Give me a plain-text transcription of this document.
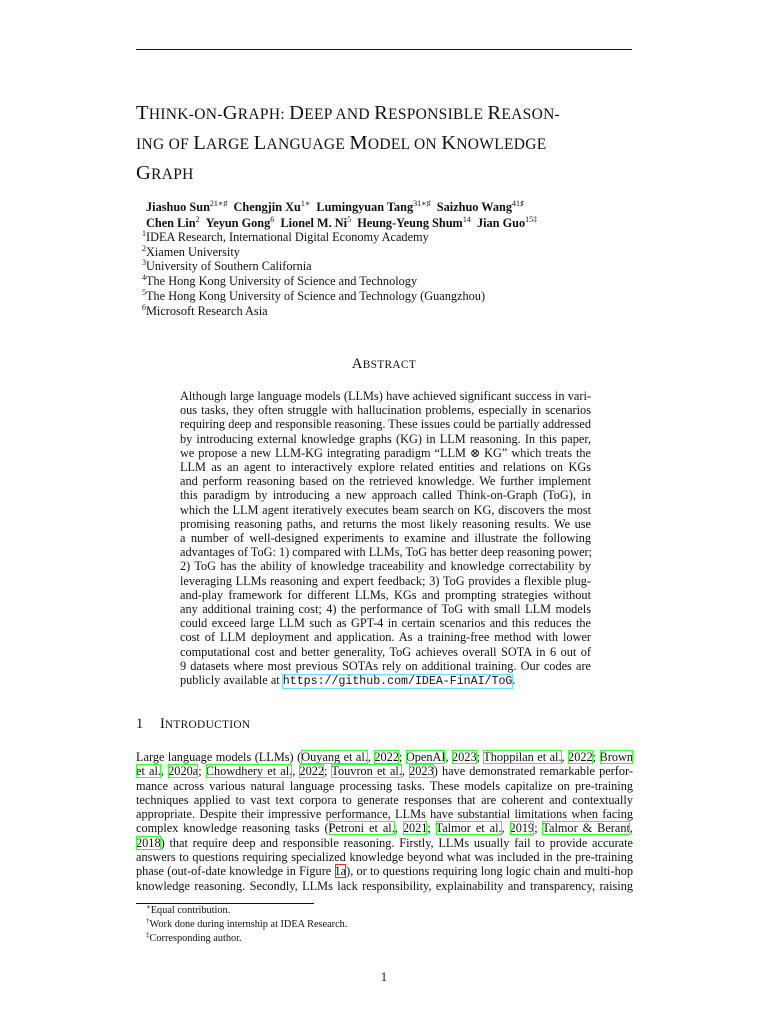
THINK-ON-GRAPH: DEEP AND RESPONSIBLE REASON-
ING OF LARGE LANGUAGE MODEL ON KNOWLEDGE
GRAPH
Jiashuo Sun$^{21∗♯}$ Chengjin $Xu^{1∗}$ Lumingyuan Tang$^{31∗♯}$ Saizhuo Wang$^{41♯}$
Chen Lin$^2$ Yeyun Gong$^6$ Lionel M. Ni$^5$ Heung-Yeung Shum$^{14}$ Jian Guo$^{15\ddagger}$
$^1$IDEA Research, International Digital Economy Academy
$^2$Xiamen University
$^3$University of Southern California
$^4$The Hong Kong University of Science and Technology
$^5$The Hong Kong University of Science and Technology (Guangzhou)
$^6$Microsoft Research Asia
ABSTRACT
Although large language models (LLMs) have achieved significant success in vari-
ous tasks, they often struggle with hallucination problems, especially in scenarios
requiring deep and responsible reasoning. These issues could be partially addressed
by introducing external knowledge graphs (KG) in LLM reasoning. In this paper,
we propose a new LLM-KG integrating paradigm “LLM ⊗ KG” which treats the
LLM as an agent to interactively explore related entities and relations on KGs
and perform reasoning based on the retrieved knowledge. We further implement
this paradigm by introducing a new approach called Think-on-Graph (ToG), in
which the LLM agent iteratively executes beam search on KG, discovers the most
promising reasoning paths, and returns the most likely reasoning results. We use
a number of well-designed experiments to examine and illustrate the following
advantages of ToG: 1) compared with LLMs, ToG has better deep reasoning power;
2) ToG has the ability of knowledge traceability and knowledge correctability by
leveraging LLMs reasoning and expert feedback; 3) ToG provides a flexible plug-
and-play framework for different LLMs, KGs and prompting strategies without
any additional training cost; 4) the performance of ToG with small LLM models
could exceed large LLM such as GPT-4 in certain scenarios and this reduces the
cost of LLM deployment and application. As a training-free method with lower
computational cost and better generality, ToG achieves overall SOTA in 6 out of
9 datasets where most previous SOTAs rely on additional training. Our codes are
publicly available at https://github.com/IDEA-FinAI/ToG.
1 INTRODUCTION
Large language models (LLMs) (Ouyang et al., 2022; OpenAI, 2023; Thoppilan et al., 2022; Brown
et al., 2020a; Chowdhery et al., 2022; Touvron et al., 2023) have demonstrated remarkable perfor-
mance across various natural language processing tasks. These models capitalize on pre-training
techniques applied to vast text corpora to generate responses that are coherent and contextually
appropriate. Despite their impressive performance, LLMs have substantial limitations when facing
complex knowledge reasoning tasks (Petroni et al., 2021; Talmor et al., 2019; Talmor & Berant,
2018) that require deep and responsible reasoning. Firstly, LLMs usually fail to provide accurate
answers to questions requiring specialized knowledge beyond what was included in the pre-training
phase (out-of-date knowledge in Figure 1a), or to questions requiring long logic chain and multi-hop
knowledge reasoning. Secondly, LLMs lack responsibility, explainability and transparency, raising
∗Equal contribution.
†Work done during internship at IDEA Research.
‡Corresponding author.
1
